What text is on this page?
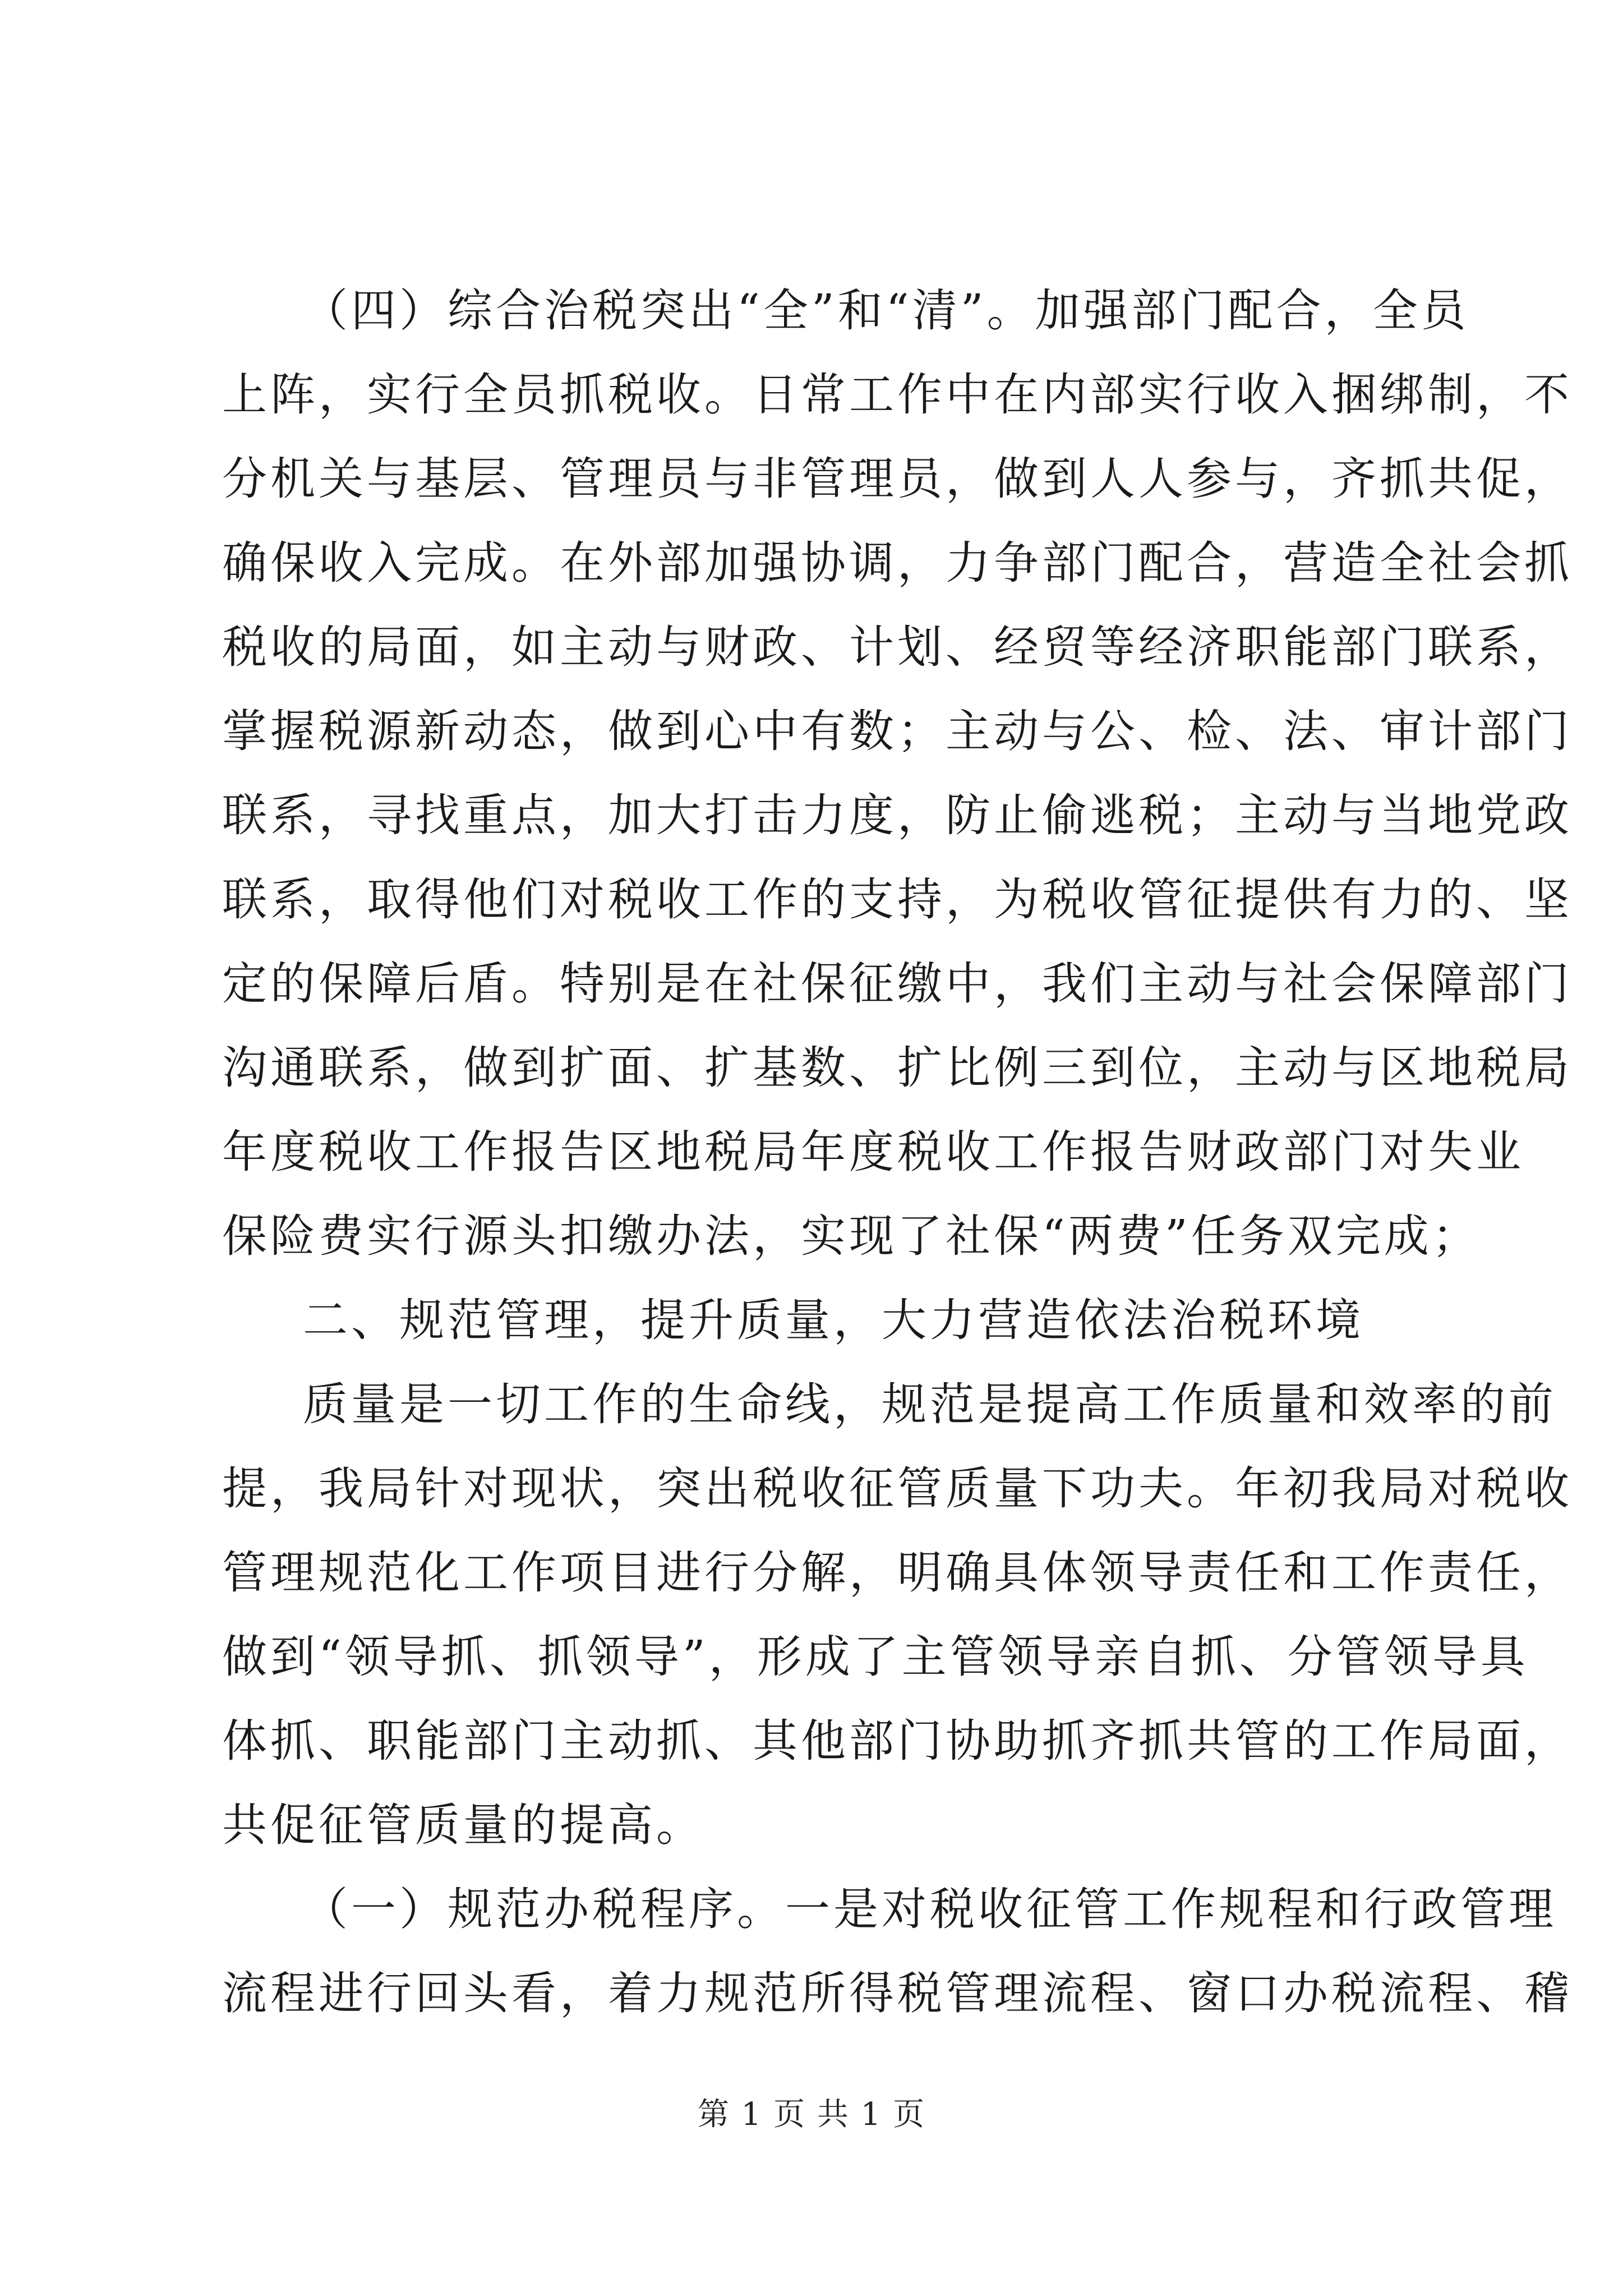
（四）综合治税突出“全”和“清”。加强部门配合，全员
上阵，实行全员抓税收。日常工作中在内部实行收入捆绑制，不
分机关与基层、管理员与非管理员，做到人人参与，齐抓共促，
确保收入完成。在外部加强协调，力争部门配合，营造全社会抓
税收的局面，如主动与财政、计划、经贸等经济职能部门联系，
掌握税源新动态，做到心中有数；主动与公、检、法、审计部门
联系，寻找重点，加大打击力度，防止偷逃税；主动与当地党政
联系，取得他们对税收工作的支持，为税收管征提供有力的、坚
定的保障后盾。特别是在社保征缴中，我们主动与社会保障部门
沟通联系，做到扩面、扩基数、扩比例三到位，主动与区地税局
年度税收工作报告区地税局年度税收工作报告财政部门对失业
保险费实行源头扣缴办法，实现了社保“两费”任务双完成；
二、规范管理，提升质量，大力营造依法治税环境
质量是一切工作的生命线，规范是提高工作质量和效率的前
提，我局针对现状，突出税收征管质量下功夫。年初我局对税收
管理规范化工作项目进行分解，明确具体领导责任和工作责任，
做到“领导抓、抓领导”，形成了主管领导亲自抓、分管领导具
体抓、职能部门主动抓、其他部门协助抓齐抓共管的工作局面，
共促征管质量的提高。
（一）规范办税程序。一是对税收征管工作规程和行政管理
流程进行回头看，着力规范所得税管理流程、窗口办税流程、稽
第 1 页 共 1 页
